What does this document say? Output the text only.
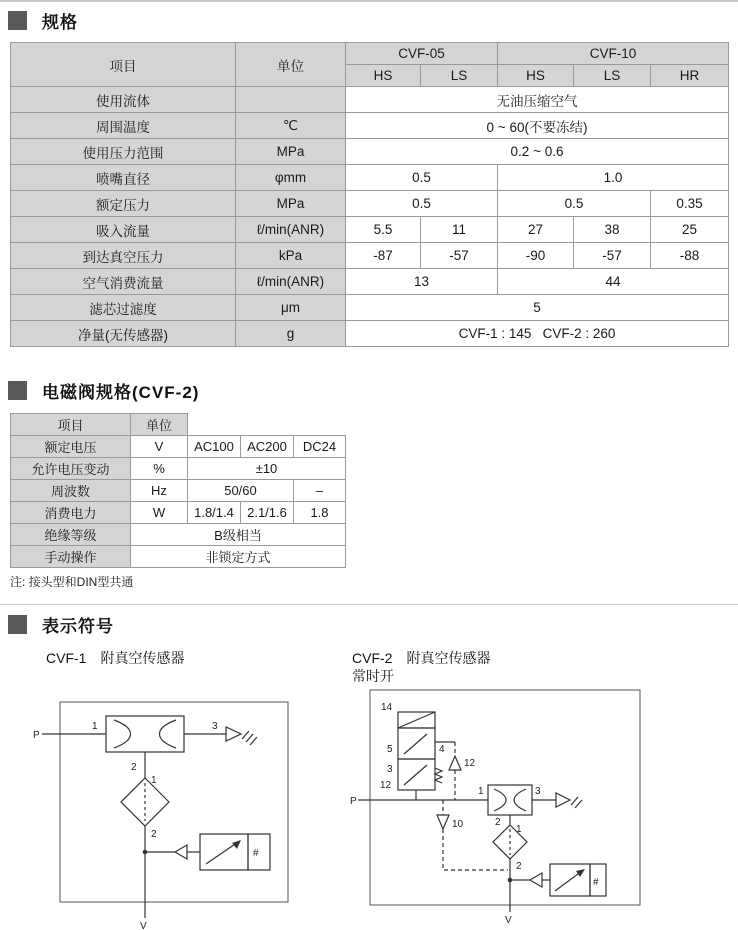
规格
项目	单位	CVF-05		CVF-10		
		HS	LS	HS	LS	HR
使用流体		无油压缩空气				
周围温度	℃	0 ~ 60(不要冻结)				
使用压力范围	MPa	0.2 ~ 0.6				
喷嘴直径	φmm	0.5		1.0		
额定压力	MPa	0.5		0.5		0.35
吸入流量	ℓ/min(ANR)	5.5	11	27	38	25
到达真空压力	kPa	-87	-57	-90	-57	-88
空气消费流量	ℓ/min(ANR)	13		44		
滤芯过滤度	μm	5				
净量(无传感器)	g	CVF-1 : 145   CVF-2 : 260				
电磁阀规格(CVF-2)
项目	单位			
额定电压	V	AC100	AC200	DC24
允许电压变动	%	±10		
周波数	Hz	50/60		–
消费电力	W	1.8/1.4	2.1/1.6	1.8
绝缘等级	B级相当			
手动操作	非锁定方式			
注: 接头型和DIN型共通
表示符号
CVF-1 附真空传感器	CVF-2 附真空传感器
常时开
P
1	3
2
1
2
#
V
P
14
5
3
12
4
12
10
1	3
2
1
2
#
V
